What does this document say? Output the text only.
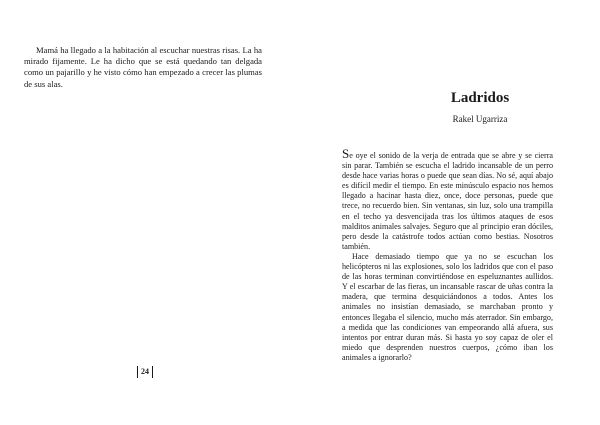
Mamá ha llegado a la habitación al escuchar nuestras risas. La ha mirado fijamente. Le ha dicho que se está quedando tan delgada como un pajarillo y he visto cómo han empezado a crecer las plumas de sus alas.

24
Ladridos

Rakel Ugarriza

Se oye el sonido de la verja de entrada que se abre y se cierra sin parar. También se escucha el ladrido incansable de un perro desde hace varias horas o puede que sean días. No sé, aquí abajo es difícil medir el tiempo. En este minúsculo espacio nos hemos llegado a hacinar hasta diez, once, doce personas, puede que trece, no recuerdo bien. Sin ventanas, sin luz, solo una trampilla en el techo ya desvencijada tras los últimos ataques de esos malditos animales salvajes. Seguro que al principio eran dóciles, pero desde la catástrofe todos actúan como bestias. Nosotros también.

Hace demasiado tiempo que ya no se escuchan los helicópteros ni las explosiones, solo los ladridos que con el paso de las horas terminan convirtiéndose en espeluznantes aullidos. Y el escarbar de las fieras, un incansable rascar de uñas contra la madera, que termina desquiciándonos a todos. Antes los animales no insistían demasiado, se marchaban pronto y entonces llegaba el silencio, mucho más aterrador. Sin embargo, a medida que las condiciones van empeorando allá afuera, sus intentos por entrar duran más. Si hasta yo soy capaz de oler el miedo que desprenden nuestros cuerpos, ¿cómo iban los animales a ignorarlo?
